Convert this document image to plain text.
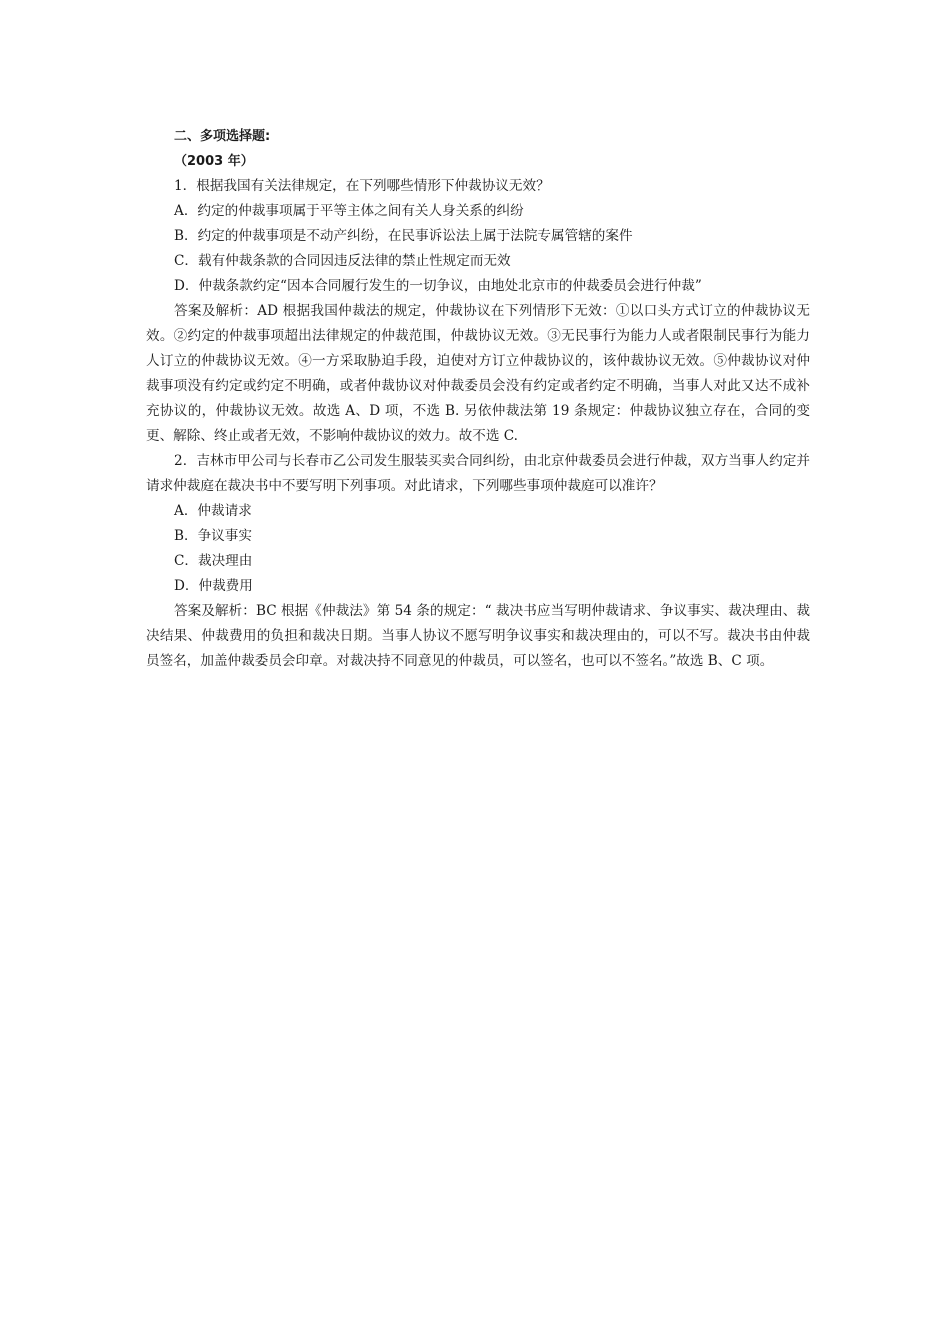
二、多项选择题:

（2003 年）

1．根据我国有关法律规定，在下列哪些情形下仲裁协议无效？

A．约定的仲裁事项属于平等主体之间有关人身关系的纠纷

B．约定的仲裁事项是不动产纠纷，在民事诉讼法上属于法院专属管辖的案件

C．载有仲裁条款的合同因违反法律的禁止性规定而无效

D．仲裁条款约定“因本合同履行发生的一切争议，由地处北京市的仲裁委员会进行仲裁”

答案及解析：AD 根据我国仲裁法的规定，仲裁协议在下列情形下无效：①以口头方式订立的仲裁协议无效。②约定的仲裁事项超出法律规定的仲裁范围，仲裁协议无效。③无民事行为能力人或者限制民事行为能力人订立的仲裁协议无效。④一方采取胁迫手段，迫使对方订立仲裁协议的，该仲裁协议无效。⑤仲裁协议对仲裁事项没有约定或约定不明确，或者仲裁协议对仲裁委员会没有约定或者约定不明确，当事人对此又达不成补充协议的，仲裁协议无效。故选 A、D 项，不选 B. 另依仲裁法第 19 条规定：仲裁协议独立存在，合同的变更、解除、终止或者无效，不影响仲裁协议的效力。故不选 C.

2．吉林市甲公司与长春市乙公司发生服装买卖合同纠纷，由北京仲裁委员会进行仲裁，双方当事人约定并请求仲裁庭在裁决书中不要写明下列事项。对此请求，下列哪些事项仲裁庭可以准许？

A．仲裁请求

B．争议事实

C．裁决理由

D．仲裁费用

答案及解析：BC 根据《仲裁法》第 54 条的规定：“ 裁决书应当写明仲裁请求、争议事实、裁决理由、裁决结果、仲裁费用的负担和裁决日期。当事人协议不愿写明争议事实和裁决理由的，可以不写。裁决书由仲裁员签名，加盖仲裁委员会印章。对裁决持不同意见的仲裁员，可以签名，也可以不签名。”故选 B、C 项。
